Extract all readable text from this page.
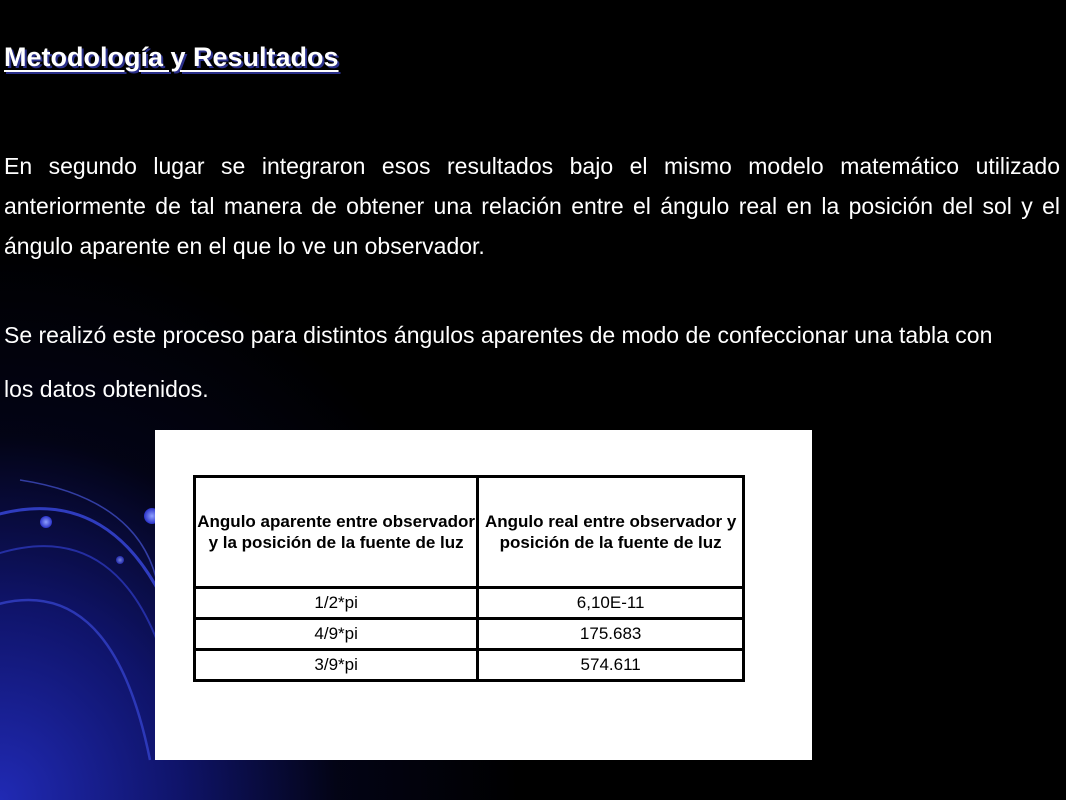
Metodología y Resultados

En segundo lugar se integraron esos resultados bajo el mismo modelo matemático utilizado anteriormente de tal manera de obtener una relación entre el ángulo real en la posición del sol y el ángulo aparente en el que lo ve un observador.

Se realizó este proceso para distintos ángulos aparentes de modo de confeccionar una tabla con los datos obtenidos.

Angulo aparente entre observador y la posición de la fuente de luz	Angulo real entre observador y posición de la fuente de luz
1/2*pi	6,10E-11
4/9*pi	175.683
3/9*pi	574.611
